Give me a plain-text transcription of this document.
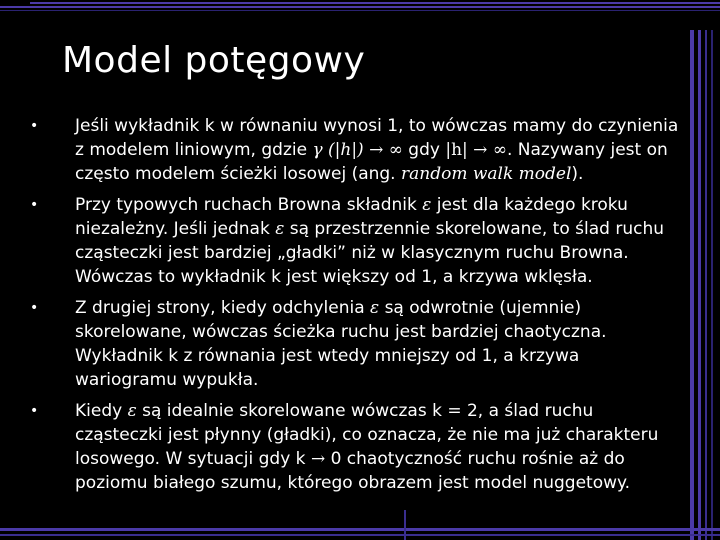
Model potęgowy
• Jeśli wykładnik k w równaniu wynosi 1, to wówczas mamy do czynienia z modelem liniowym, gdzie γ (|h|) → ∞ gdy |h| → ∞. Nazywany jest on często modelem ścieżki losowej (ang. random walk model).
• Przy typowych ruchach Browna składnik ε jest dla każdego kroku niezależny. Jeśli jednak ε są przestrzennie skorelowane, to ślad ruchu cząsteczki jest bardziej „gładki” niż w klasycznym ruchu Browna. Wówczas to wykładnik k jest większy od 1, a krzywa wklęsła.
• Z drugiej strony, kiedy odchylenia ε są odwrotnie (ujemnie) skorelowane, wówczas ścieżka ruchu jest bardziej chaotyczna. Wykładnik k z równania jest wtedy mniejszy od 1, a krzywa wariogramu wypukła.
• Kiedy ε są idealnie skorelowane wówczas k = 2, a ślad ruchu cząsteczki jest płynny (gładki), co oznacza, że nie ma już charakteru losowego. W sytuacji gdy k → 0 chaotyczność ruchu rośnie aż do poziomu białego szumu, którego obrazem jest model nuggetowy.
